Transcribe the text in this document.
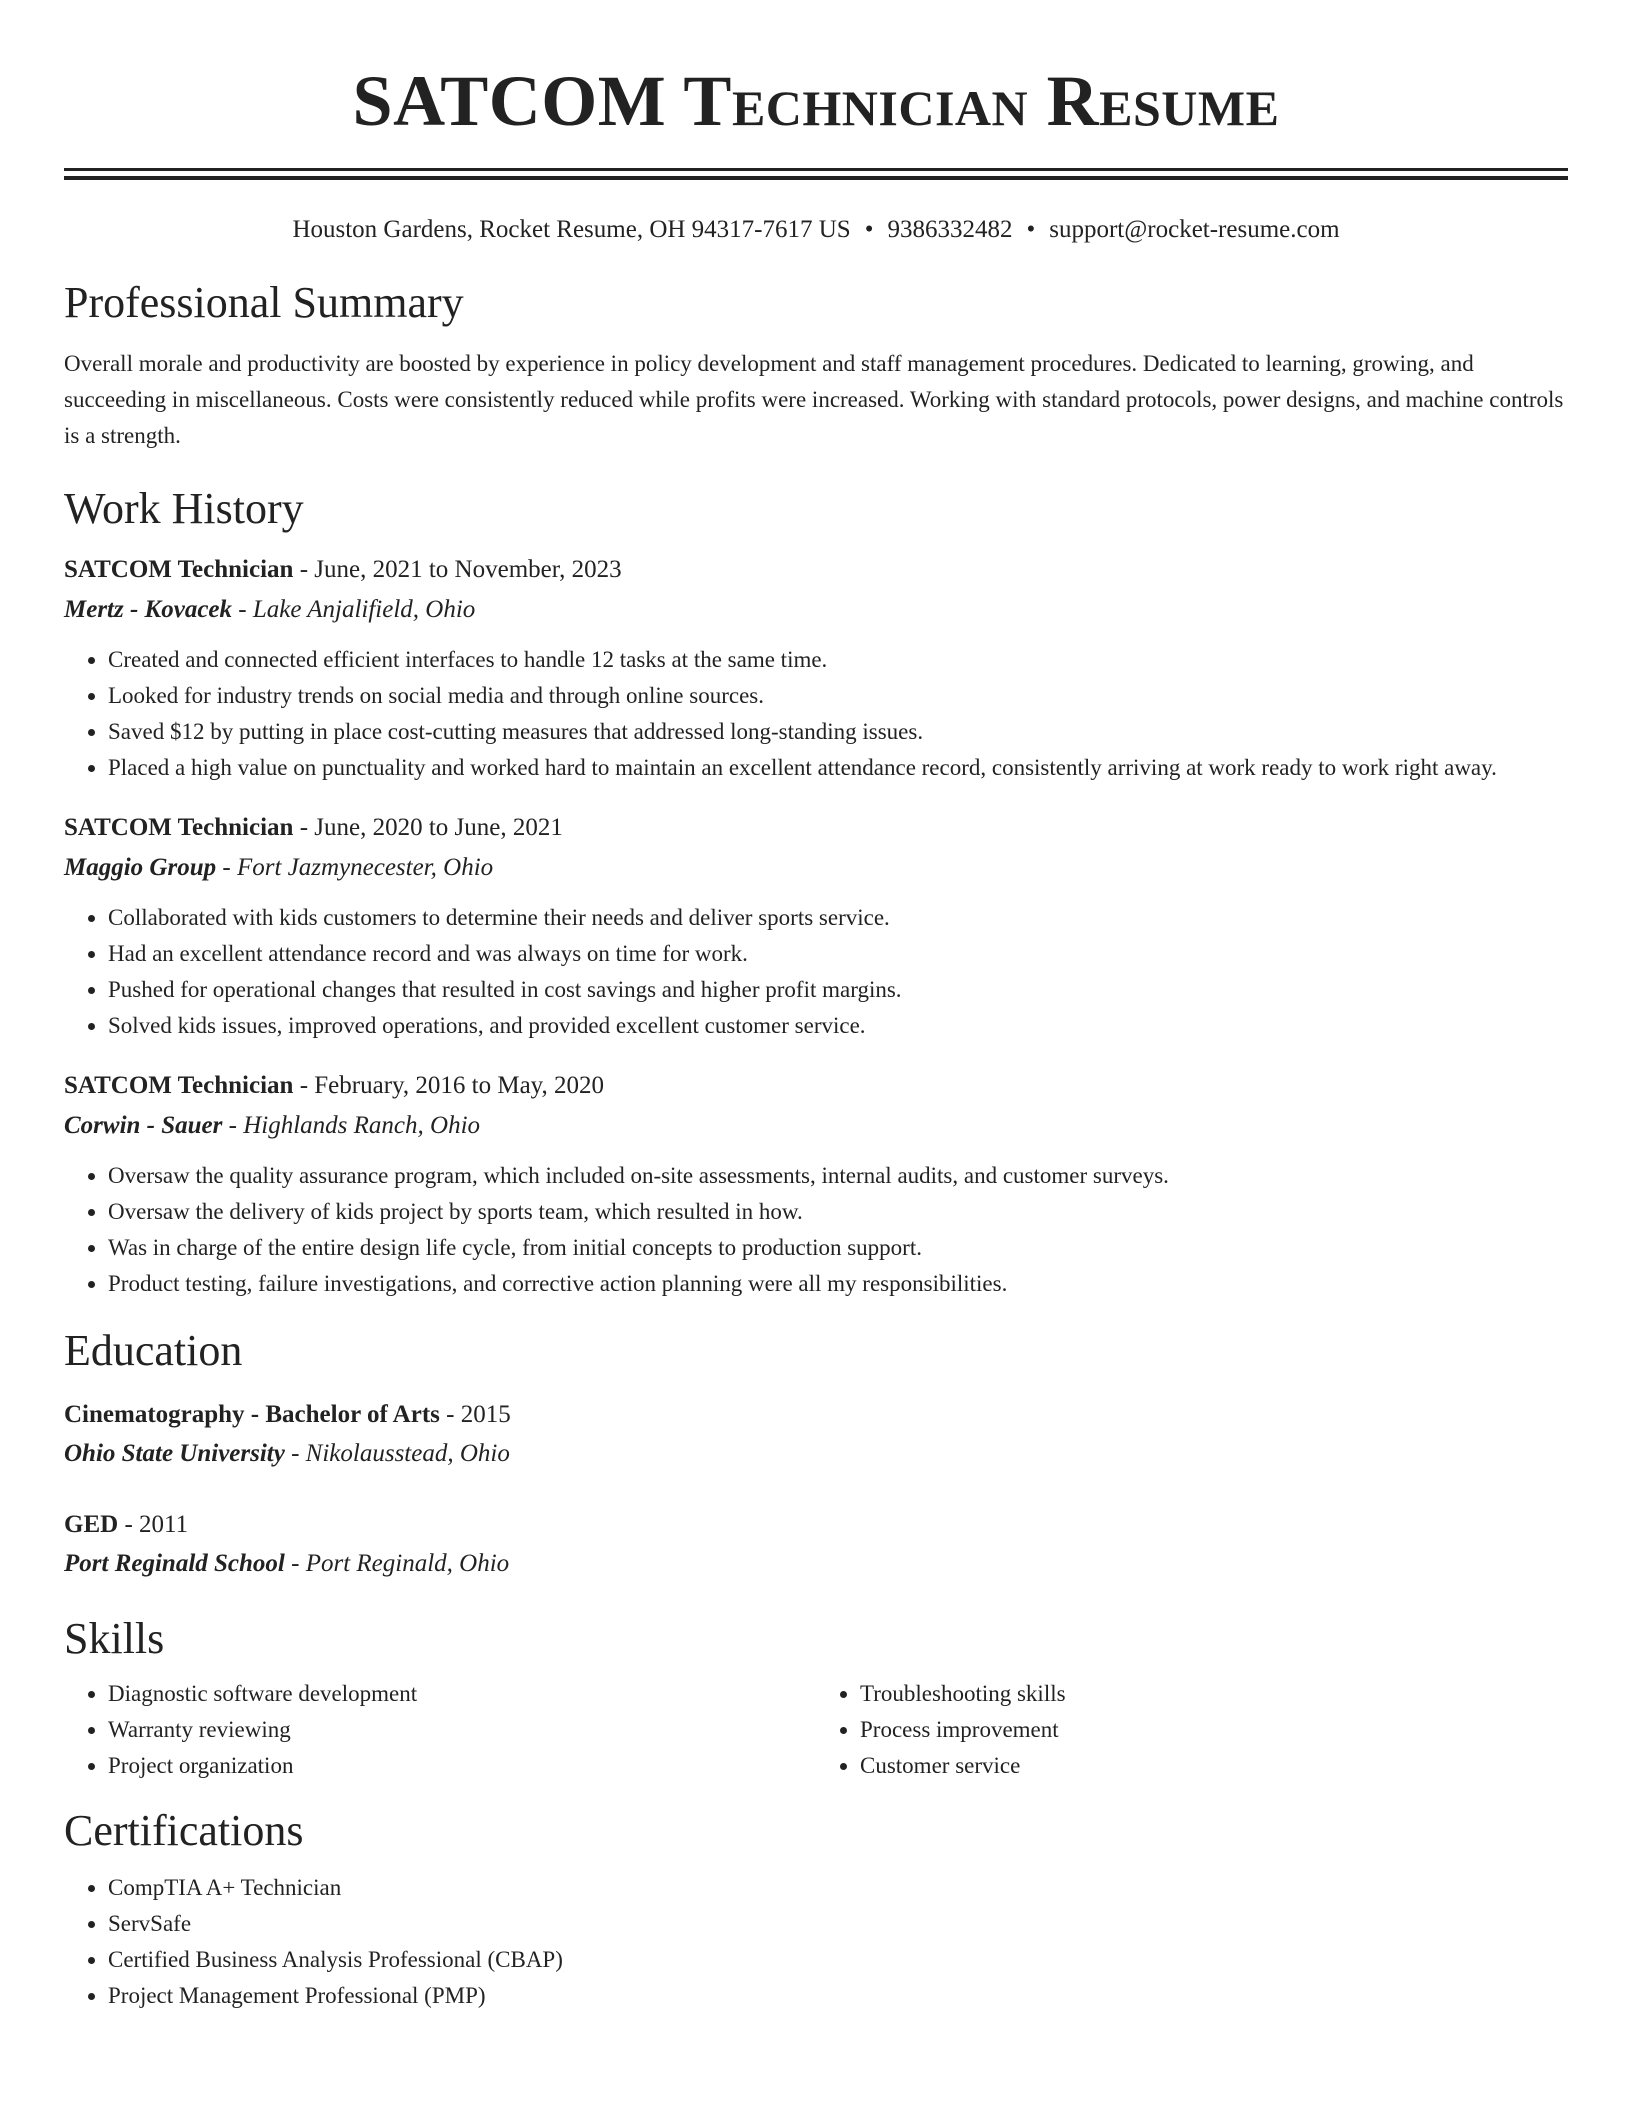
SATCOM Technician Resume
Houston Gardens, Rocket Resume, OH 94317-7617 US • 9386332482 • support@rocket-resume.com
Professional Summary

Overall morale and productivity are boosted by experience in policy development and staff management procedures. Dedicated to learning, growing, and succeeding in miscellaneous. Costs were consistently reduced while profits were increased. Working with standard protocols, power designs, and machine controls is a strength.

Work History
SATCOM Technician - June, 2021 to November, 2023
Mertz - Kovacek - Lake Anjalifield, Ohio
• Created and connected efficient interfaces to handle 12 tasks at the same time.
• Looked for industry trends on social media and through online sources.
• Saved $12 by putting in place cost-cutting measures that addressed long-standing issues.
• Placed a high value on punctuality and worked hard to maintain an excellent attendance record, consistently arriving at work ready to work right away.
SATCOM Technician - June, 2020 to June, 2021
Maggio Group - Fort Jazmynecester, Ohio
• Collaborated with kids customers to determine their needs and deliver sports service.
• Had an excellent attendance record and was always on time for work.
• Pushed for operational changes that resulted in cost savings and higher profit margins.
• Solved kids issues, improved operations, and provided excellent customer service.
SATCOM Technician - February, 2016 to May, 2020
Corwin - Sauer - Highlands Ranch, Ohio
• Oversaw the quality assurance program, which included on-site assessments, internal audits, and customer surveys.
• Oversaw the delivery of kids project by sports team, which resulted in how.
• Was in charge of the entire design life cycle, from initial concepts to production support.
• Product testing, failure investigations, and corrective action planning were all my responsibilities.
Education
Cinematography - Bachelor of Arts - 2015
Ohio State University - Nikolausstead, Ohio
GED - 2011
Port Reginald School - Port Reginald, Ohio
Skills
• Diagnostic software development
• Warranty reviewing
• Project organization
• Troubleshooting skills
• Process improvement
• Customer service
Certifications
• CompTIA A+ Technician
• ServSafe
• Certified Business Analysis Professional (CBAP)
• Project Management Professional (PMP)
